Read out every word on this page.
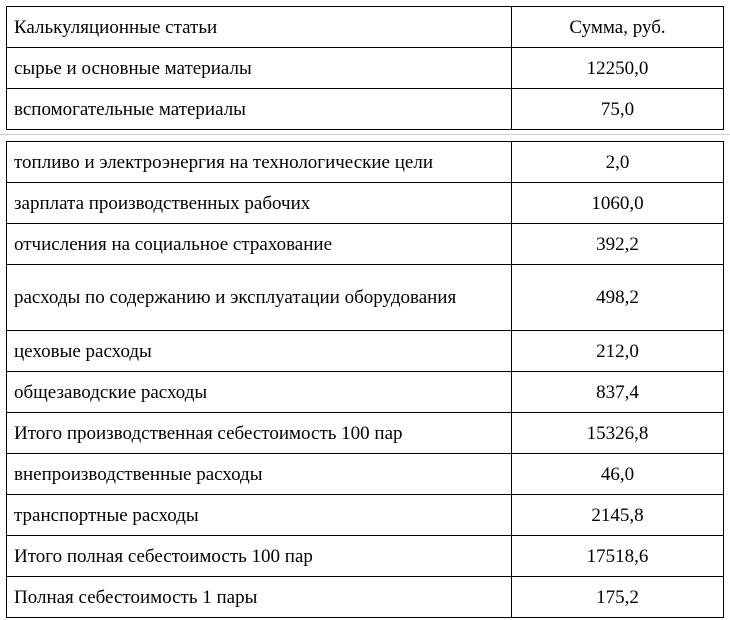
Калькуляционные статьи	Сумма, руб.
сырье и основные материалы	12250,0
вспомогательные материалы	75,0
топливо и электроэнергия на технологические цели	2,0
зарплата производственных рабочих	1060,0
отчисления на социальное страхование	392,2
расходы по содержанию и эксплуатации оборудования	498,2
цеховые расходы	212,0
общезаводские расходы	837,4
Итого производственная себестоимость 100 пар	15326,8
внепроизводственные расходы	46,0
транспортные расходы	2145,8
Итого полная себестоимость 100 пар	17518,6
Полная себестоимость 1 пары	175,2
